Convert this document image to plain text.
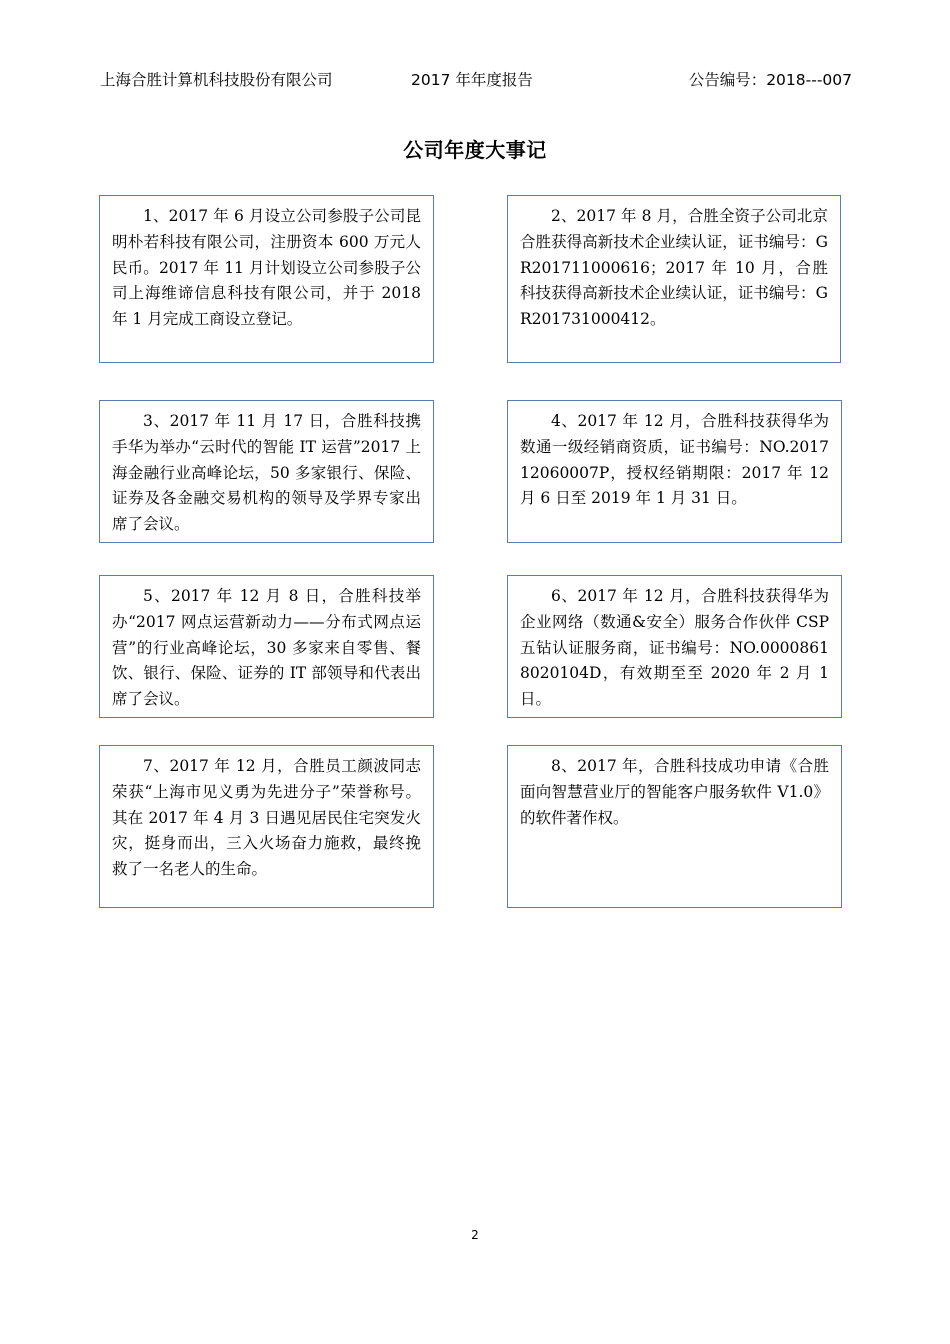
上海合胜计算机科技股份有限公司	2017 年年度报告	公告编号：2018---007
公司年度大事记
1、2017 年 6 月设立公司参股子公司昆明朴若科技有限公司，注册资本 600 万元人民币。2017 年 11 月计划设立公司参股子公司上海维谛信息科技有限公司，并于 2018 年 1 月完成工商设立登记。
2、2017 年 8 月，合胜全资子公司北京合胜获得高新技术企业续认证，证书编号：GR201711000616；2017 年 10 月，合胜科技获得高新技术企业续认证，证书编号：GR201731000412。
3、2017 年 11 月 17 日，合胜科技携手华为举办“云时代的智能 IT 运营”2017 上海金融行业高峰论坛，50 多家银行、保险、证券及各金融交易机构的领导及学界专家出席了会议。
4、2017 年 12 月，合胜科技获得华为数通一级经销商资质，证书编号：NO.201712060007P，授权经销期限：2017 年 12 月 6 日至 2019 年 1 月 31 日。
5、2017 年 12 月 8 日，合胜科技举办“2017 网点运营新动力——分布式网点运营”的行业高峰论坛，30 多家来自零售、餐饮、银行、保险、证券的 IT 部领导和代表出席了会议。
6、2017 年 12 月，合胜科技获得华为企业网络（数通&安全）服务合作伙伴 CSP 五钻认证服务商，证书编号：NO.00008618020104D，有效期至至 2020 年 2 月 1 日。
7、2017 年 12 月，合胜员工颜波同志荣获“上海市见义勇为先进分子”荣誉称号。其在 2017 年 4 月 3 日遇见居民住宅突发火灾，挺身而出，三入火场奋力施救，最终挽救了一名老人的生命。
8、2017 年，合胜科技成功申请《合胜面向智慧营业厅的智能客户服务软件 V1.0》的软件著作权。
2
